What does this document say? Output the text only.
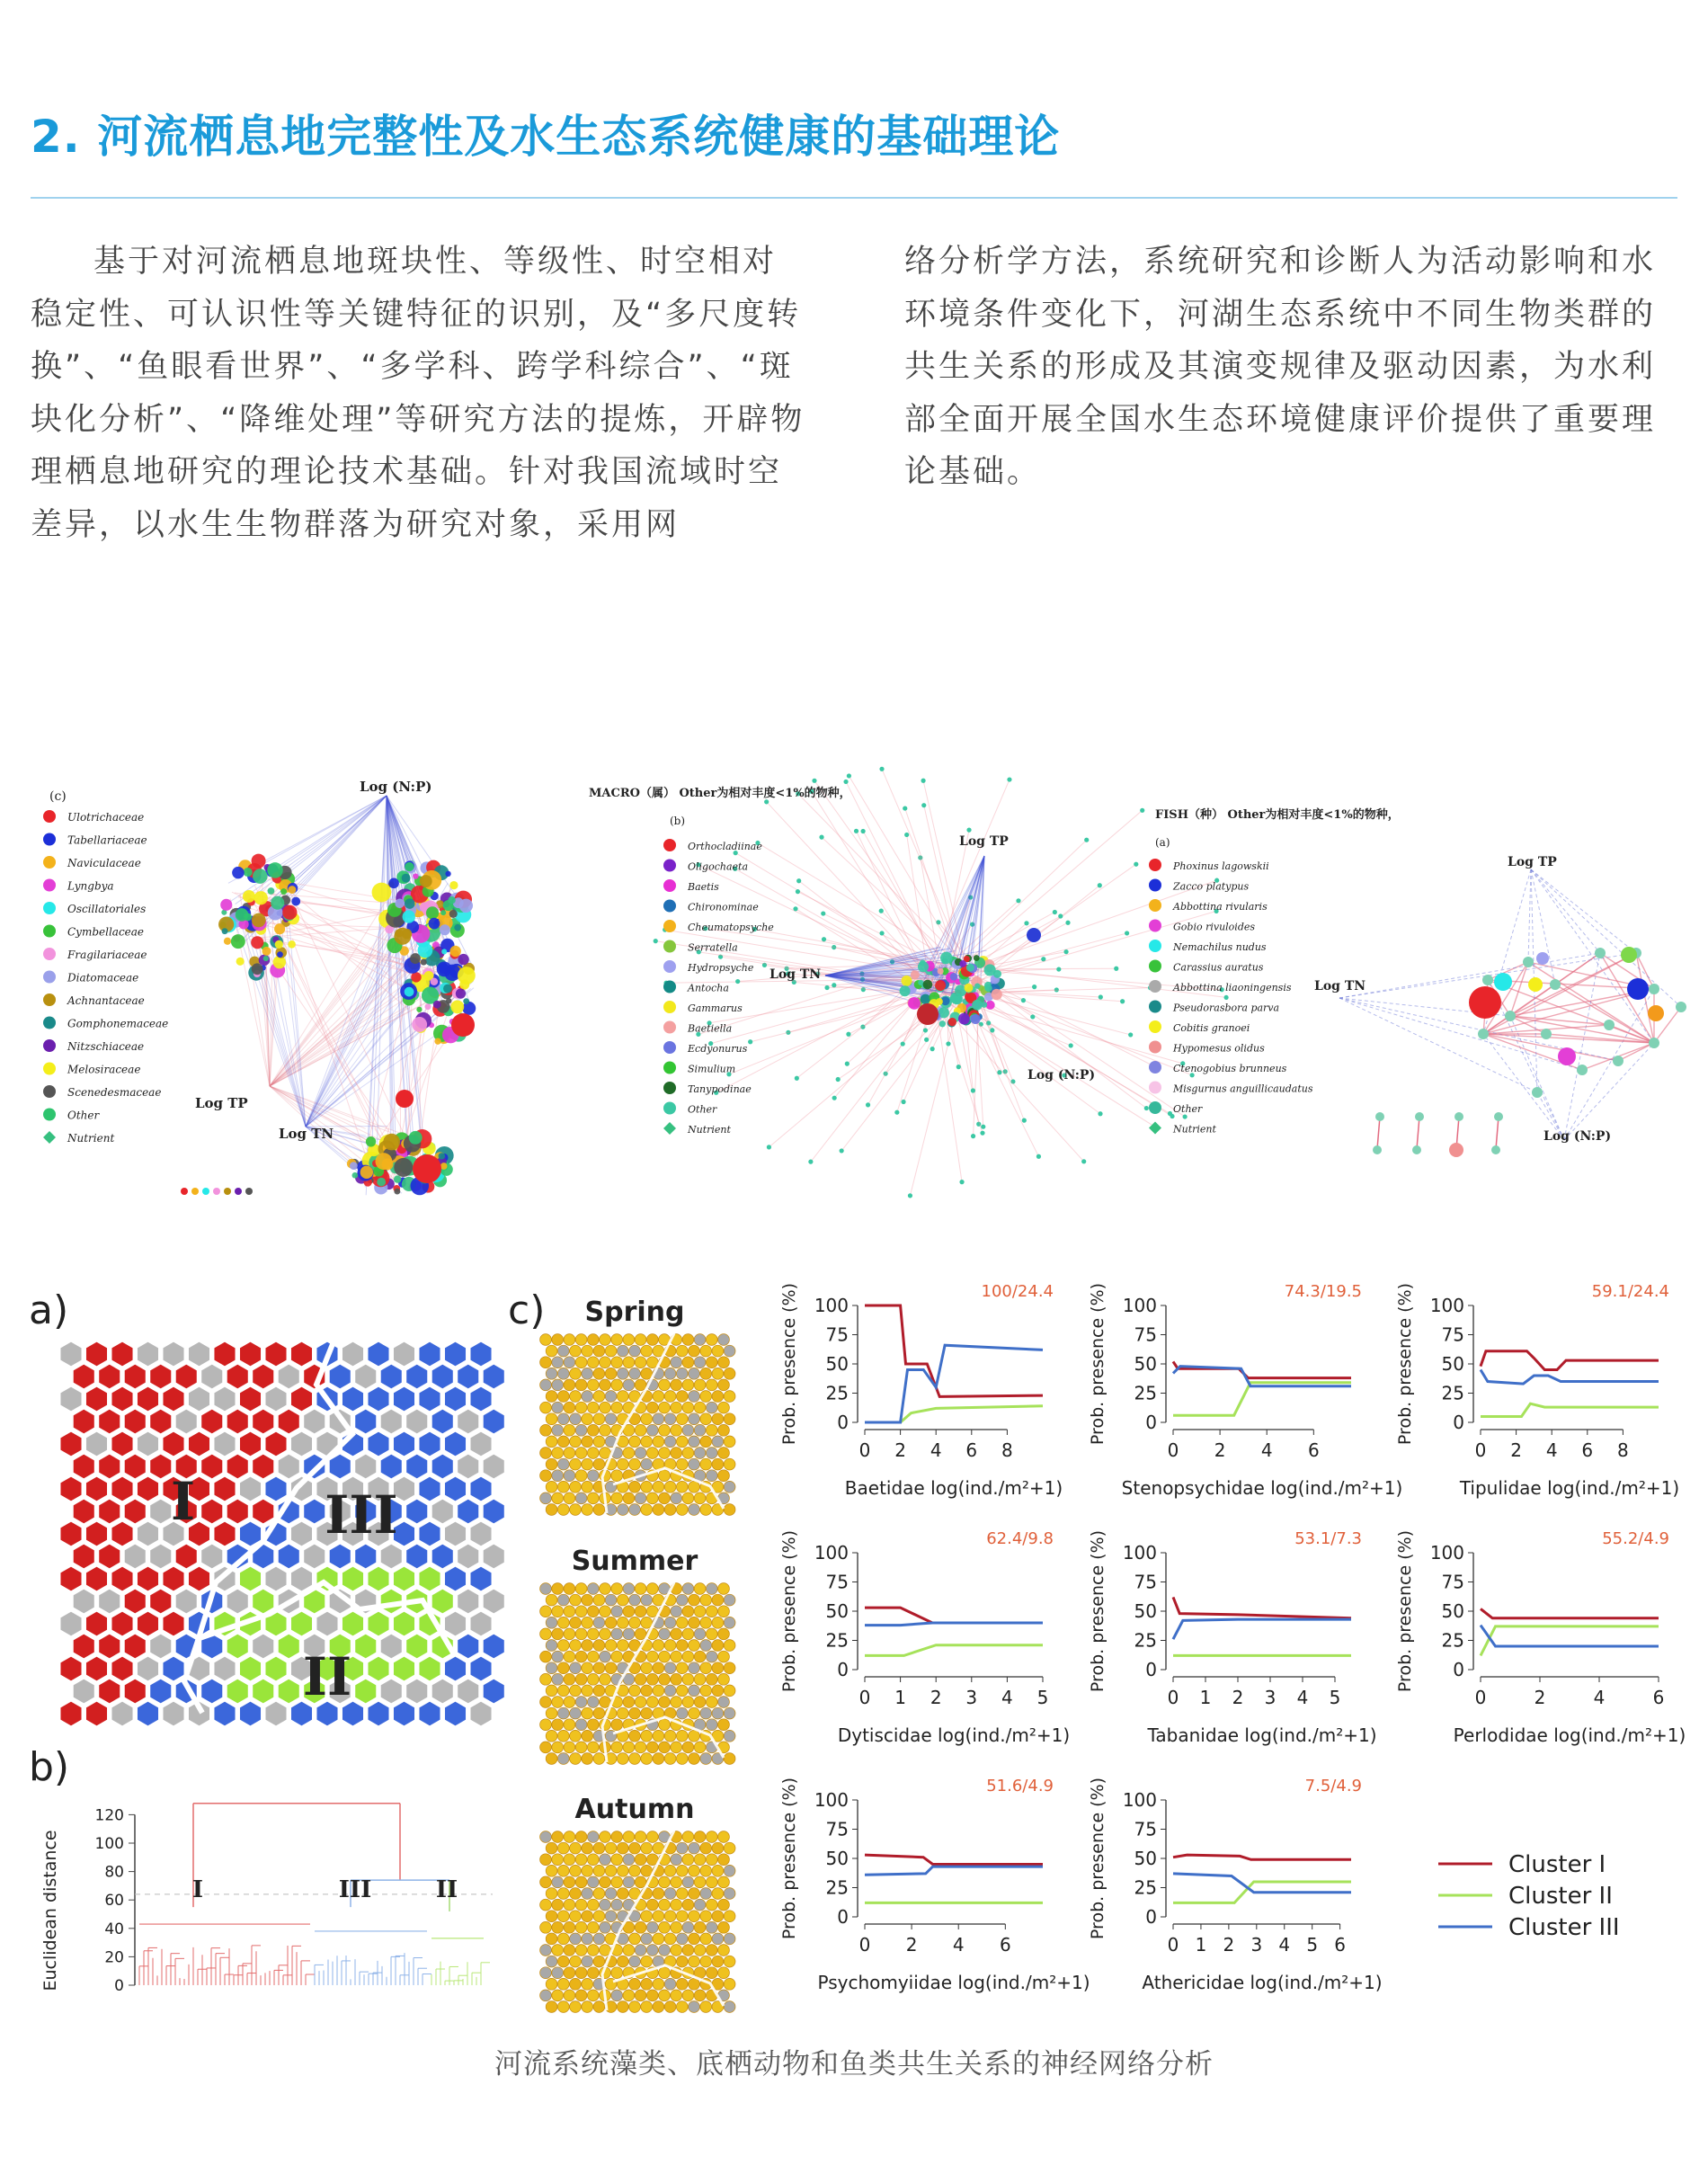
2. 河流栖息地完整性及水生态系统健康的基础理论

基于对河流栖息地斑块性、等级性、时空相对稳定性、可认识性等关键特征的识别，及“多尺度转换”、“鱼眼看世界”、“多学科、跨学科综合”、“斑块化分析”、“降维处理”等研究方法的提炼，开辟物理栖息地研究的理论技术基础。针对我国流域时空差异，以水生生物群落为研究对象，采用网

络分析学方法，系统研究和诊断人为活动影响和水环境条件变化下，河湖生态系统中不同生物类群的共生关系的形成及其演变规律及驱动因素，为水利部全面开展全国水生态环境健康评价提供了重要理论基础。

Log (N:P)
Log TP
Log TN
(c)
Ulotrichaceae
Tabellariaceae
Naviculaceae
Lyngbya
Oscillatoriales
Cymbellaceae
Fragilariaceae
Diatomaceae
Achnantaceae
Gomphonemaceae
Nitzschiaceae
Melosiraceae
Scenedesmaceae
Other
Nutrient
Log TP
Log TN
Log (N:P)
MACRO（属） Other为相对丰度<1%的物种，
(b)
Orthocladiinae
Oligochaeta
Baetis
Chironominae
Cheumatopsyche
Serratella
Hydropsyche
Antocha
Gammarus
Baetiella
Ecdyonurus
Simulium
Tanypodinae
Other
Nutrient
Log TP
Log TN
Log (N:P)
FISH（种） Other为相对丰度<1%的物种，
(a)
Phoxinus lagowskii
Zacco platypus
Abbottina rivularis
Gobio rivuloides
Nemachilus nudus
Carassius auratus
Abbottina liaoningensis
Pseudorasbora parva
Cobitis granoei
Hypomesus olidus
Ctenogobius brunneus
Misgurnus anguillicaudatus
Other
Nutrient
a)
I III
II
b)
0
20
40
60
80
100
120
Euclidean distance	I	III	II
c) Spring
Summer
Autumn
0
25
50
75
100
0 2 4 6 8
Prob. presence (%)
Baetidae log(ind./m²+1)
100/24.4
0
25
50
75
100
0 2 4 6
Prob. presence (%)
Stenopsychidae log(ind./m²+1)
74.3/19.5
0
25
50
75
100
0 2 4 6 8
Prob. presence (%)
Tipulidae log(ind./m²+1)
59.1/24.4
0
25
50
75
100
0 1 2 3 4 5
Prob. presence (%)
Dytiscidae log(ind./m²+1)
62.4/9.8
0
25
50
75
100
0 1 2 3 4 5
Prob. presence (%)
Tabanidae log(ind./m²+1)
53.1/7.3
0
25
50
75
100
0	2	4	6
Prob. presence (%)
Perlodidae log(ind./m²+1)
55.2/4.9
0
25
50
75
100
0 2 4 6
Prob. presence (%)
Psychomyiidae log(ind./m²+1)
51.6/4.9
0
25
50
75
100
0 1 2 3 4 5 6
Prob. presence (%)
Athericidae log(ind./m²+1)
7.5/4.9
Cluster I
Cluster II
Cluster III

河流系统藻类、底栖动物和鱼类共生关系的神经网络分析
